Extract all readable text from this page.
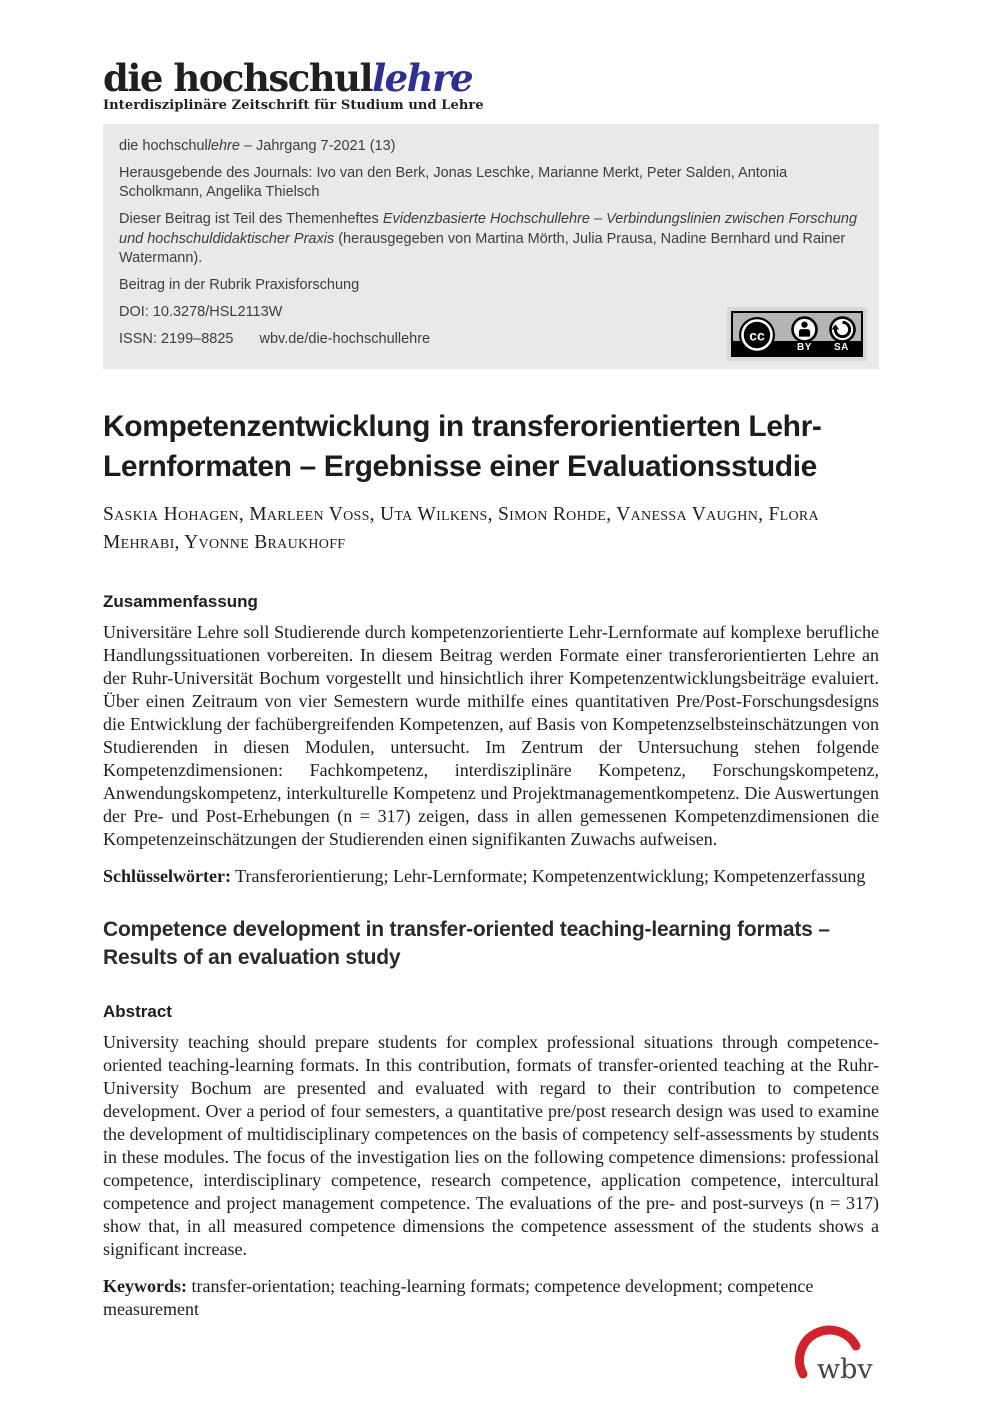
die hochschullehre
Interdisziplinäre Zeitschrift für Studium und Lehre

die hochschullehre – Jahrgang 7-2021 (13)

Herausgebende des Journals: Ivo van den Berk, Jonas Leschke, Marianne Merkt, Peter Salden, Antonia Scholkmann, Angelika Thielsch

Dieser Beitrag ist Teil des Themenheftes Evidenzbasierte Hochschullehre – Verbindungslinien zwischen Forschung und hochschuldidaktischer Praxis (herausgegeben von Martina Mörth, Julia Prausa, Nadine Bernhard und Rainer Watermann).

Beitrag in der Rubrik Praxisforschung

DOI: 10.3278/HSL2113W

ISSN: 2199–8825 wbv.de/die-hochschullehre	cc
BY SA
Kompetenzentwicklung in transferorientierten Lehr-Lernformaten – Ergebnisse einer Evaluationsstudie
Saskia Hohagen, Marleen Voss, Uta Wilkens, Simon Rohde, Vanessa Vaughn, Flora Mehrabi, Yvonne Braukhoff
Zusammenfassung

Universitäre Lehre soll Studierende durch kompetenzorientierte Lehr-Lernformate auf komplexe berufliche Handlungssituationen vorbereiten. In diesem Beitrag werden Formate einer transferorientierten Lehre an der Ruhr-Universität Bochum vorgestellt und hinsichtlich ihrer Kompetenzentwicklungsbeiträge evaluiert. Über einen Zeitraum von vier Semestern wurde mithilfe eines quantitativen Pre/Post-Forschungsdesigns die Entwicklung der fachübergreifenden Kompetenzen, auf Basis von Kompetenzselbsteinschätzungen von Studierenden in diesen Modulen, untersucht. Im Zentrum der Untersuchung stehen folgende Kompetenzdimensionen: Fachkompetenz, interdisziplinäre Kompetenz, Forschungskompetenz, Anwendungskompetenz, interkulturelle Kompetenz und Projektmanagementkompetenz. Die Auswertungen der Pre- und Post-Erhebungen (n = 317) zeigen, dass in allen gemessenen Kompetenzdimensionen die Kompetenzeinschätzungen der Studierenden einen signifikanten Zuwachs aufweisen.

Schlüsselwörter: Transferorientierung; Lehr-Lernformate; Kompetenzentwicklung; Kompetenzerfassung

Competence development in transfer-oriented teaching-learning formats – Results of an evaluation study
Abstract

University teaching should prepare students for complex professional situations through competence-oriented teaching-learning formats. In this contribution, formats of transfer-oriented teaching at the Ruhr-University Bochum are presented and evaluated with regard to their contribution to competence development. Over a period of four semesters, a quantitative pre/post research design was used to examine the development of multidisciplinary competences on the basis of competency self-assessments by students in these modules. The focus of the investigation lies on the following competence dimensions: professional competence, interdisciplinary competence, research competence, application competence, intercultural competence and project management competence. The evaluations of the pre- and post-surveys (n = 317) show that, in all measured competence dimensions the competence assessment of the students shows a significant increase.

Keywords: transfer-orientation; teaching-learning formats; competence development; competence measurement

wbv
